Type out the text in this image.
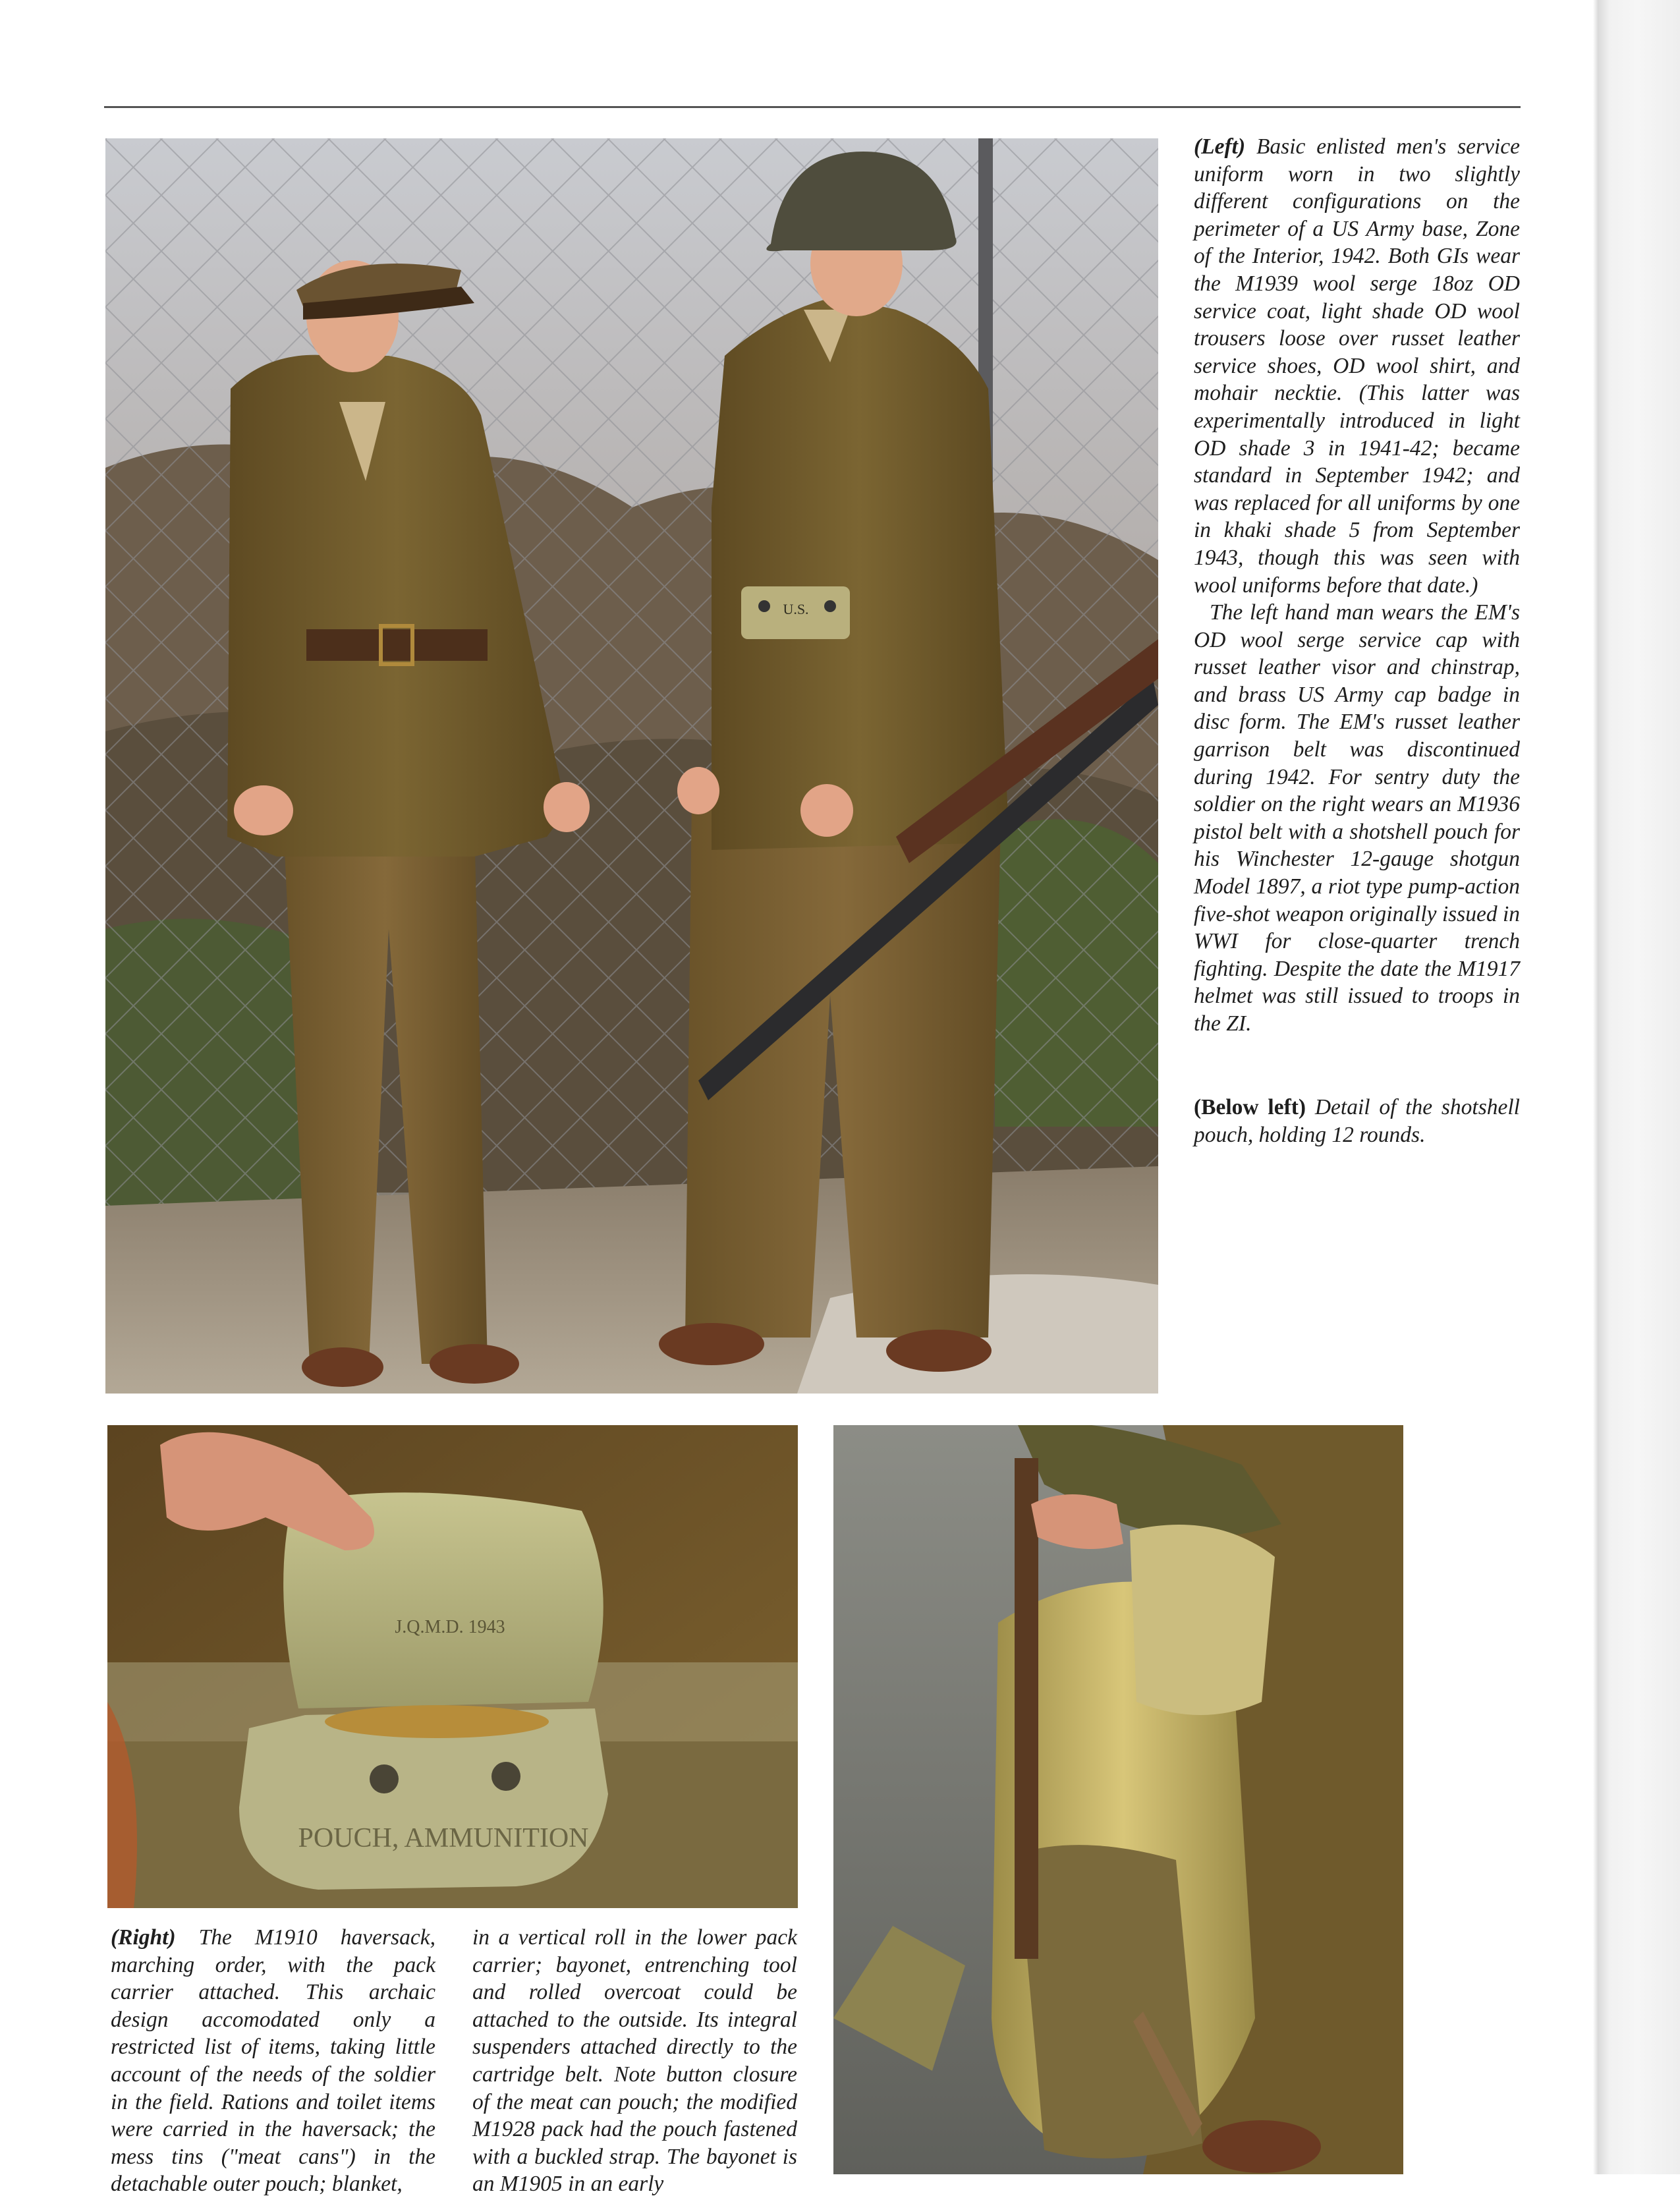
U.S.
J.Q.M.D. 1943
POUCH, AMMUNITION

(Left) Basic enlisted men's service uniform worn in two slightly different configurations on the perimeter of a US Army base, Zone of the Interior, 1942. Both GIs wear the M1939 wool serge 18oz OD service coat, light shade OD wool trousers loose over russet leather service shoes, OD wool shirt, and mohair necktie. (This latter was experimentally introduced in light OD shade 3 in 1941-42; became standard in September 1942; and was replaced for all uniforms by one in khaki shade 5 from September 1943, though this was seen with wool uniforms before that date.)

The left hand man wears the EM's OD wool serge service cap with russet leather visor and chinstrap, and brass US Army cap badge in disc form. The EM's russet leather garrison belt was discontinued during 1942. For sentry duty the soldier on the right wears an M1936 pistol belt with a shotshell pouch for his Winchester 12-gauge shotgun Model 1897, a riot type pump-action five-shot weapon originally issued in WWI for close-quarter trench fighting. Despite the date the M1917 helmet was still issued to troops in the ZI.

(Below left) Detail of the shotshell pouch, holding 12 rounds.

(Right) The M1910 haversack, marching order, with the pack carrier attached. This archaic design accomodated only a restricted list of items, taking little account of the needs of the soldier in the field. Rations and toilet items were carried in the haversack; the mess tins ("meat cans") in the detachable outer pouch; blanket,

in a vertical roll in the lower pack carrier; bayonet, entrenching tool and rolled overcoat could be attached to the outside. Its integral suspenders attached directly to the cartridge belt. Note button closure of the meat can pouch; the modified M1928 pack had the pouch fastened with a buckled strap. The bayonet is an M1905 in an early
